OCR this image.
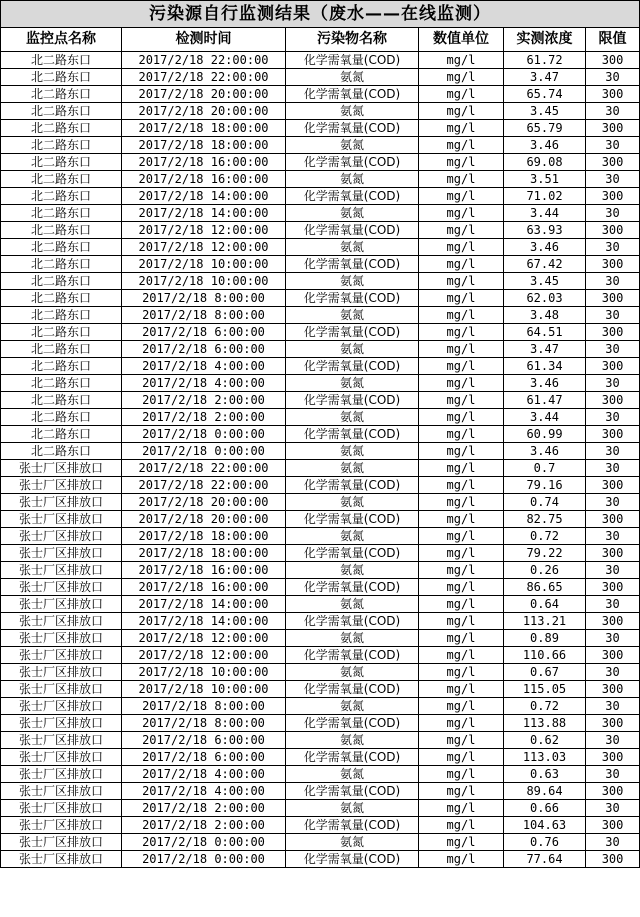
污染源自行监测结果（废水——在线监测）					
监控点名称	检测时间	污染物名称	数值单位	实测浓度	限值
北二路东口	2017/2/18 22:00:00	化学需氧量(COD)	mg/l	61.72	300
北二路东口	2017/2/18 22:00:00	氨氮	mg/l	3.47	30
北二路东口	2017/2/18 20:00:00	化学需氧量(COD)	mg/l	65.74	300
北二路东口	2017/2/18 20:00:00	氨氮	mg/l	3.45	30
北二路东口	2017/2/18 18:00:00	化学需氧量(COD)	mg/l	65.79	300
北二路东口	2017/2/18 18:00:00	氨氮	mg/l	3.46	30
北二路东口	2017/2/18 16:00:00	化学需氧量(COD)	mg/l	69.08	300
北二路东口	2017/2/18 16:00:00	氨氮	mg/l	3.51	30
北二路东口	2017/2/18 14:00:00	化学需氧量(COD)	mg/l	71.02	300
北二路东口	2017/2/18 14:00:00	氨氮	mg/l	3.44	30
北二路东口	2017/2/18 12:00:00	化学需氧量(COD)	mg/l	63.93	300
北二路东口	2017/2/18 12:00:00	氨氮	mg/l	3.46	30
北二路东口	2017/2/18 10:00:00	化学需氧量(COD)	mg/l	67.42	300
北二路东口	2017/2/18 10:00:00	氨氮	mg/l	3.45	30
北二路东口	2017/2/18 8:00:00	化学需氧量(COD)	mg/l	62.03	300
北二路东口	2017/2/18 8:00:00	氨氮	mg/l	3.48	30
北二路东口	2017/2/18 6:00:00	化学需氧量(COD)	mg/l	64.51	300
北二路东口	2017/2/18 6:00:00	氨氮	mg/l	3.47	30
北二路东口	2017/2/18 4:00:00	化学需氧量(COD)	mg/l	61.34	300
北二路东口	2017/2/18 4:00:00	氨氮	mg/l	3.46	30
北二路东口	2017/2/18 2:00:00	化学需氧量(COD)	mg/l	61.47	300
北二路东口	2017/2/18 2:00:00	氨氮	mg/l	3.44	30
北二路东口	2017/2/18 0:00:00	化学需氧量(COD)	mg/l	60.99	300
北二路东口	2017/2/18 0:00:00	氨氮	mg/l	3.46	30
张士厂区排放口	2017/2/18 22:00:00	氨氮	mg/l	0.7	30
张士厂区排放口	2017/2/18 22:00:00	化学需氧量(COD)	mg/l	79.16	300
张士厂区排放口	2017/2/18 20:00:00	氨氮	mg/l	0.74	30
张士厂区排放口	2017/2/18 20:00:00	化学需氧量(COD)	mg/l	82.75	300
张士厂区排放口	2017/2/18 18:00:00	氨氮	mg/l	0.72	30
张士厂区排放口	2017/2/18 18:00:00	化学需氧量(COD)	mg/l	79.22	300
张士厂区排放口	2017/2/18 16:00:00	氨氮	mg/l	0.26	30
张士厂区排放口	2017/2/18 16:00:00	化学需氧量(COD)	mg/l	86.65	300
张士厂区排放口	2017/2/18 14:00:00	氨氮	mg/l	0.64	30
张士厂区排放口	2017/2/18 14:00:00	化学需氧量(COD)	mg/l	113.21	300
张士厂区排放口	2017/2/18 12:00:00	氨氮	mg/l	0.89	30
张士厂区排放口	2017/2/18 12:00:00	化学需氧量(COD)	mg/l	110.66	300
张士厂区排放口	2017/2/18 10:00:00	氨氮	mg/l	0.67	30
张士厂区排放口	2017/2/18 10:00:00	化学需氧量(COD)	mg/l	115.05	300
张士厂区排放口	2017/2/18 8:00:00	氨氮	mg/l	0.72	30
张士厂区排放口	2017/2/18 8:00:00	化学需氧量(COD)	mg/l	113.88	300
张士厂区排放口	2017/2/18 6:00:00	氨氮	mg/l	0.62	30
张士厂区排放口	2017/2/18 6:00:00	化学需氧量(COD)	mg/l	113.03	300
张士厂区排放口	2017/2/18 4:00:00	氨氮	mg/l	0.63	30
张士厂区排放口	2017/2/18 4:00:00	化学需氧量(COD)	mg/l	89.64	300
张士厂区排放口	2017/2/18 2:00:00	氨氮	mg/l	0.66	30
张士厂区排放口	2017/2/18 2:00:00	化学需氧量(COD)	mg/l	104.63	300
张士厂区排放口	2017/2/18 0:00:00	氨氮	mg/l	0.76	30
张士厂区排放口	2017/2/18 0:00:00	化学需氧量(COD)	mg/l	77.64	300
